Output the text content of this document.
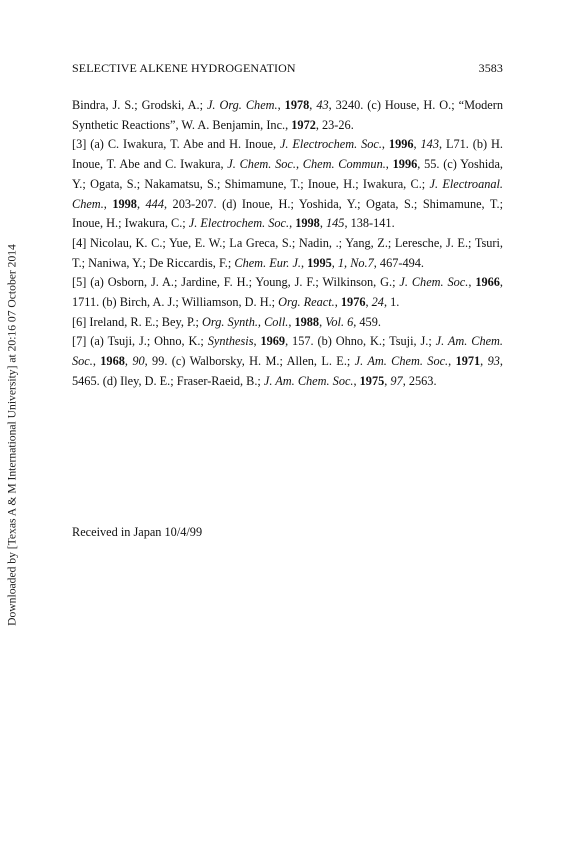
Downloaded by [Texas A & M International University] at 20:16 07 October 2014
SELECTIVE ALKENE HYDROGENATION	3583

Bindra, J. S.; Grodski, A.; J. Org. Chem., 1978, 43, 3240. (c) House, H. O.; “Modern Synthetic Reactions”, W. A. Benjamin, Inc., 1972, 23-26.

[3] (a) C. Iwakura, T. Abe and H. Inoue, J. Electrochem. Soc., 1996, 143, L71. (b) H. Inoue, T. Abe and C. Iwakura, J. Chem. Soc., Chem. Commun., 1996, 55. (c) Yoshida, Y.; Ogata, S.; Nakamatsu, S.; Shimamune, T.; Inoue, H.; Iwakura, C.; J. Electroanal. Chem., 1998, 444, 203-207. (d) Inoue, H.; Yoshida, Y.; Ogata, S.; Shimamune, T.; Inoue, H.; Iwakura, C.; J. Electrochem. Soc., 1998, 145, 138-141.

[4] Nicolau, K. C.; Yue, E. W.; La Greca, S.; Nadin, .; Yang, Z.; Leresche, J. E.; Tsuri, T.; Naniwa, Y.; De Riccardis, F.; Chem. Eur. J., 1995, 1, No.7, 467-494.

[5] (a) Osborn, J. A.; Jardine, F. H.; Young, J. F.; Wilkinson, G.; J. Chem. Soc., 1966, 1711. (b) Birch, A. J.; Williamson, D. H.; Org. React., 1976, 24, 1.

[6] Ireland, R. E.; Bey, P.; Org. Synth., Coll., 1988, Vol. 6, 459.

[7] (a) Tsuji, J.; Ohno, K.; Synthesis, 1969, 157. (b) Ohno, K.; Tsuji, J.; J. Am. Chem. Soc., 1968, 90, 99. (c) Walborsky, H. M.; Allen, L. E.; J. Am. Chem. Soc., 1971, 93, 5465. (d) Iley, D. E.; Fraser-Raeid, B.; J. Am. Chem. Soc., 1975, 97, 2563.

Received in Japan 10/4/99
